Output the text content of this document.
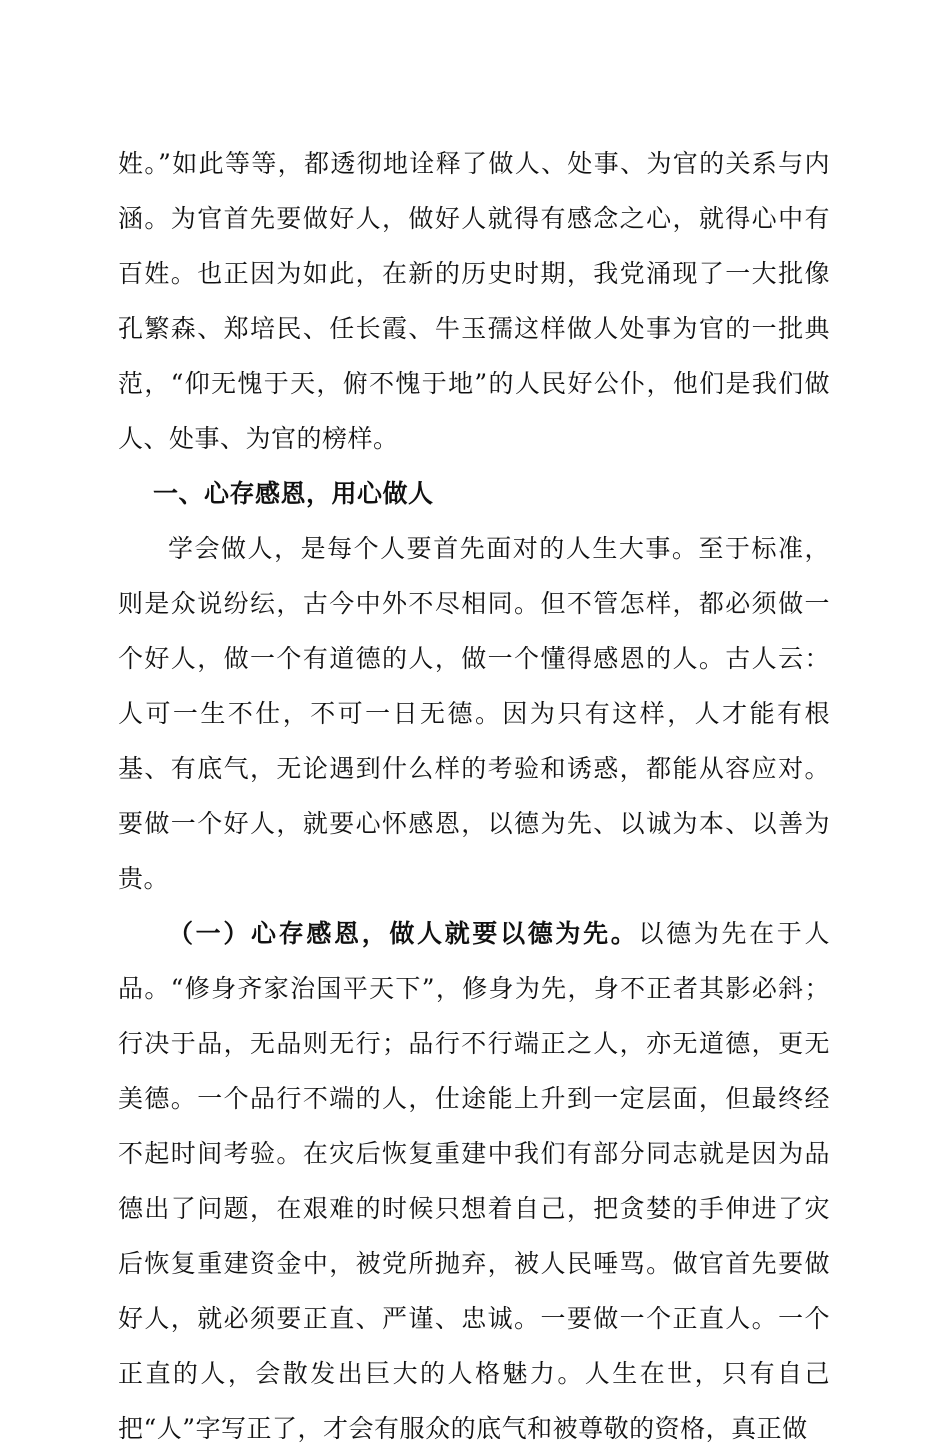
姓。”如此等等，都透彻地诠释了做人、处事、为官的关系与内涵。为官首先要做好人，做好人就得有感念之心，就得心中有百姓。也正因为如此，在新的历史时期，我党涌现了一大批像孔繁森、郑培民、任长霞、牛玉孺这样做人处事为官的一批典范，“仰无愧于天，俯不愧于地”的人民好公仆，他们是我们做人、处事、为官的榜样。

一、心存感恩，用心做人

学会做人，是每个人要首先面对的人生大事。至于标准，则是众说纷纭，古今中外不尽相同。但不管怎样，都必须做一个好人，做一个有道德的人，做一个懂得感恩的人。古人云：人可一生不仕，不可一日无德。因为只有这样，人才能有根基、有底气，无论遇到什么样的考验和诱惑，都能从容应对。要做一个好人，就要心怀感恩，以德为先、以诚为本、以善为贵。

（一）心存感恩，做人就要以德为先。以德为先在于人品。“修身齐家治国平天下”，修身为先，身不正者其影必斜；行决于品，无品则无行；品行不行端正之人，亦无道德，更无美德。一个品行不端的人，仕途能上升到一定层面，但最终经不起时间考验。在灾后恢复重建中我们有部分同志就是因为品德出了问题，在艰难的时候只想着自己，把贪婪的手伸进了灾后恢复重建资金中，被党所抛弃，被人民唾骂。做官首先要做好人，就必须要正直、严谨、忠诚。一要做一个正直人。一个正直的人，会散发出巨大的人格魅力。人生在世，只有自己把“人”字写正了，才会有服众的底气和被尊敬的资格，真正做
